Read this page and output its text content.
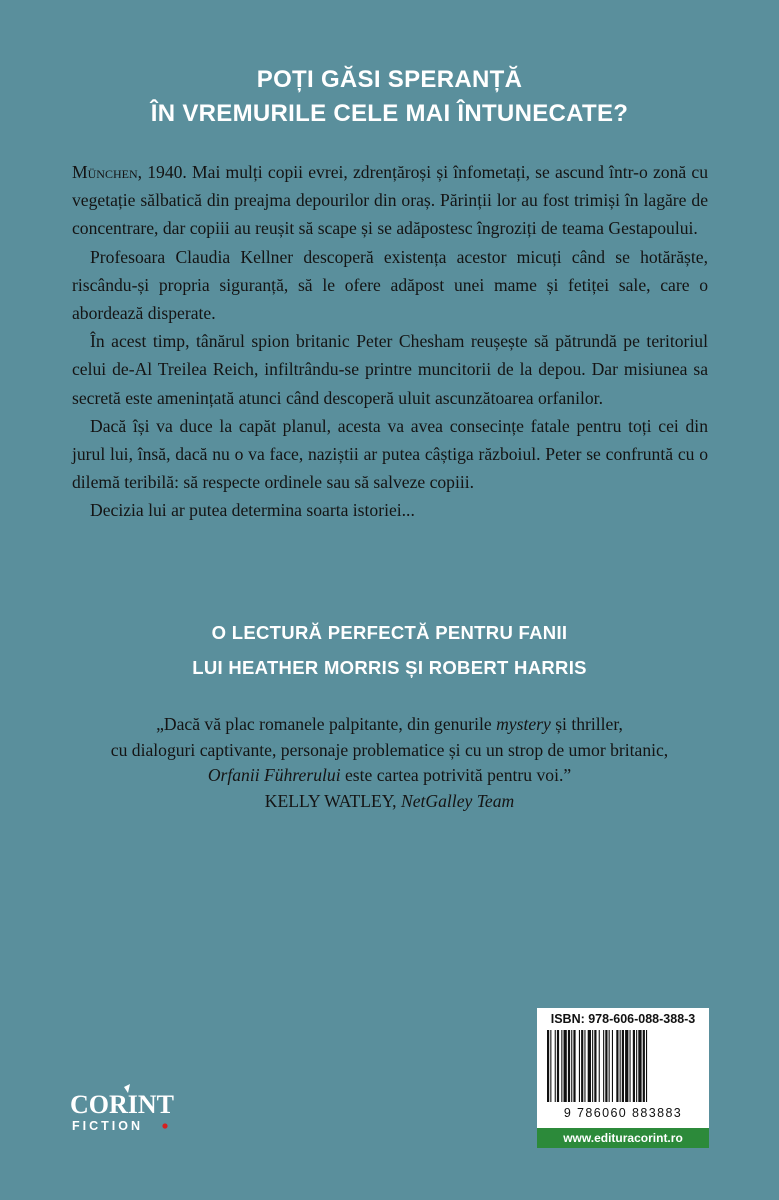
POȚI GĂSI SPERANȚĂ
ÎN VREMURILE CELE MAI ÎNTUNECATE?

München, 1940. Mai mulți copii evrei, zdrențăroși și înfometați, se ascund într-o zonă cu vegetație sălbatică din preajma depourilor din oraș. Părinții lor au fost trimiși în lagăre de concentrare, dar copiii au reușit să scape și se adăpostesc îngroziți de teama Gestapoului.

Profesoara Claudia Kellner descoperă existența acestor micuți când se hotărăște, riscându-și propria siguranță, să le ofere adăpost unei mame și fetiței sale, care o abordează disperate.

În acest timp, tânărul spion britanic Peter Chesham reușește să pătrundă pe teritoriul celui de-Al Treilea Reich, infiltrându-se printre muncitorii de la depou. Dar misiunea sa secretă este amenințată atunci când descoperă uluit ascunzătoarea orfanilor.

Dacă își va duce la capăt planul, acesta va avea consecințe fatale pentru toți cei din jurul lui, însă, dacă nu o va face, naziștii ar putea câștiga războiul. Peter se confruntă cu o dilemă teribilă: să respecte ordinele sau să salveze copiii.

Decizia lui ar putea determina soarta istoriei...

O LECTURĂ PERFECTĂ PENTRU FANII
LUI HEATHER MORRIS ȘI ROBERT HARRIS
„Dacă vă plac romanele palpitante, din genurile mystery și thriller,
cu dialoguri captivante, personaje problematice și cu un strop de umor britanic,
Orfanii Führerului este cartea potrivită pentru voi.”
KELLY WATLEY, NetGalley Team
CORINT
FICTION
ISBN: 978-606-088-388-3
9 786060 883883
www.edituracorint.ro
